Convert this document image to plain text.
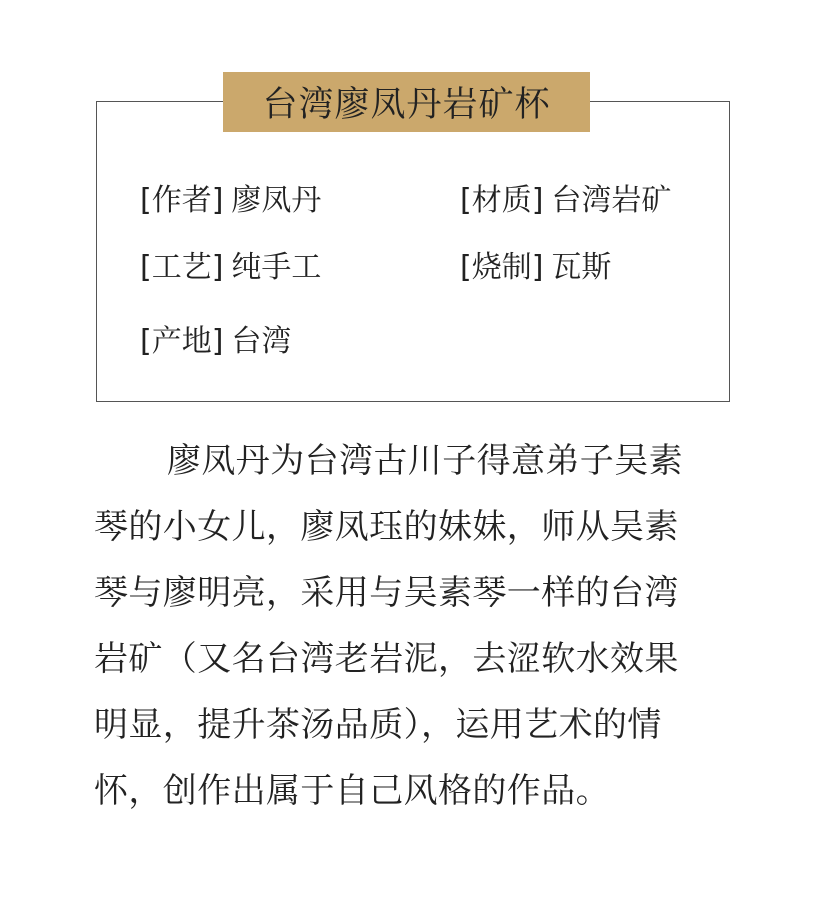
台湾廖凤丹岩矿杯
[作者] 廖凤丹	[材质] 台湾岩矿
[工艺] 纯手工	[烧制] 瓦斯
[产地] 台湾

廖凤丹为台湾古川子得意弟子吴素琴的小女儿，廖凤珏的妹妹，师从吴素琴与廖明亮，采用与吴素琴一样的台湾岩矿（又名台湾老岩泥，去涩软水效果明显，提升茶汤品质），运用艺术的情怀，创作出属于自己风格的作品。
